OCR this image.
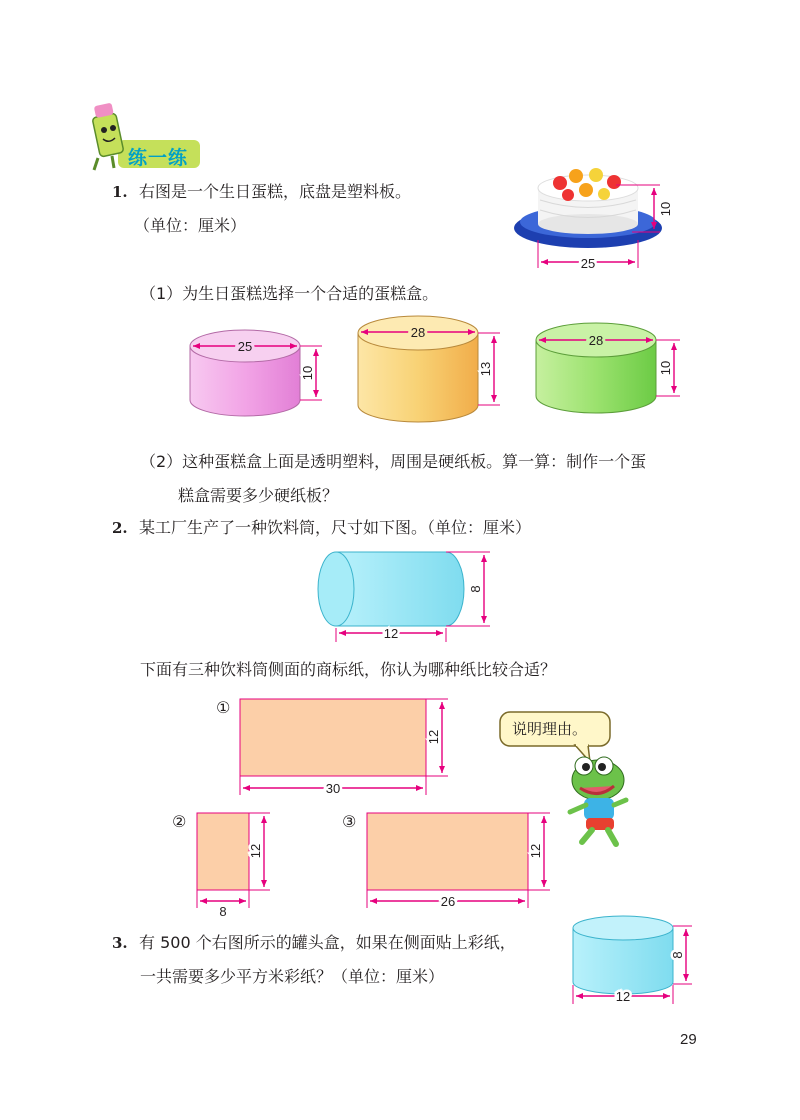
10
25
25
10
28
13
28
10
8
12
12
30
12
8
12
26
8
12
练一练
1. 右图是一个生日蛋糕，底盘是塑料板。
（单位：厘米）
（1）为生日蛋糕选择一个合适的蛋糕盒。
（2）这种蛋糕盒上面是透明塑料，周围是硬纸板。算一算：制作一个蛋
糕盒需要多少硬纸板？
2. 某工厂生产了一种饮料筒，尺寸如下图。（单位：厘米）
下面有三种饮料筒侧面的商标纸，你认为哪种纸比较合适？
①
②	③
说明理由。
3. 有 500 个右图所示的罐头盒，如果在侧面贴上彩纸，
一共需要多少平方米彩纸？（单位：厘米）
29
